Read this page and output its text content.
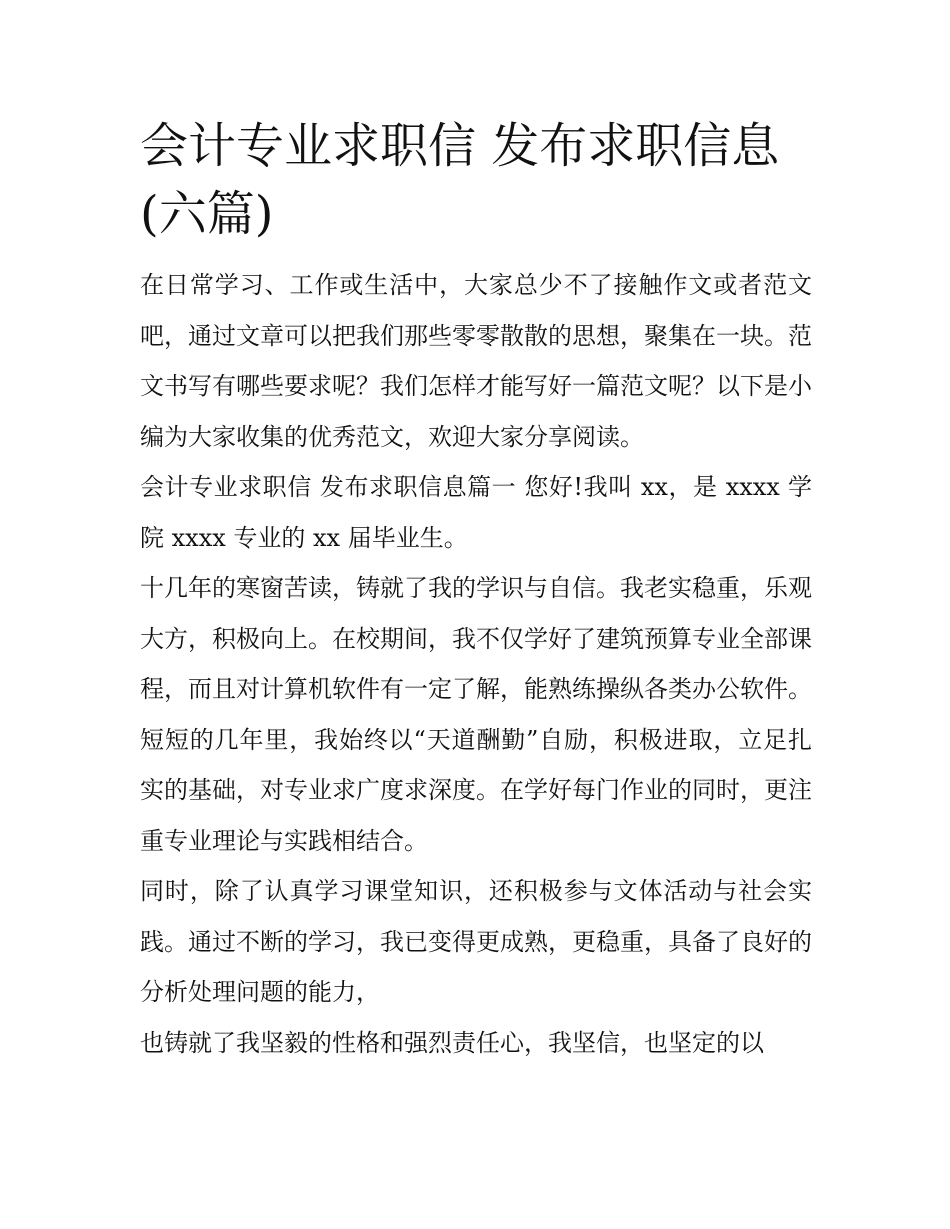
会计专业求职信 发布求职信息(六篇)

在日常学习、工作或生活中，大家总少不了接触作文或者范文吧，通过文章可以把我们那些零零散散的思想，聚集在一块。范文书写有哪些要求呢？我们怎样才能写好一篇范文呢？以下是小编为大家收集的优秀范文，欢迎大家分享阅读。

会计专业求职信 发布求职信息篇一 您好!我叫 xx，是 xxxx 学院 xxxx 专业的 xx 届毕业生。

十几年的寒窗苦读，铸就了我的学识与自信。我老实稳重，乐观大方，积极向上。在校期间，我不仅学好了建筑预算专业全部课程，而且对计算机软件有一定了解，能熟练操纵各类办公软件。短短的几年里，我始终以“天道酬勤”自励，积极进取，立足扎实的基础，对专业求广度求深度。在学好每门作业的同时，更注重专业理论与实践相结合。

同时，除了认真学习课堂知识，还积极参与文体活动与社会实践。通过不断的学习，我已变得更成熟，更稳重，具备了良好的分析处理问题的能力，

也铸就了我坚毅的性格和强烈责任心，我坚信，也坚定的以
